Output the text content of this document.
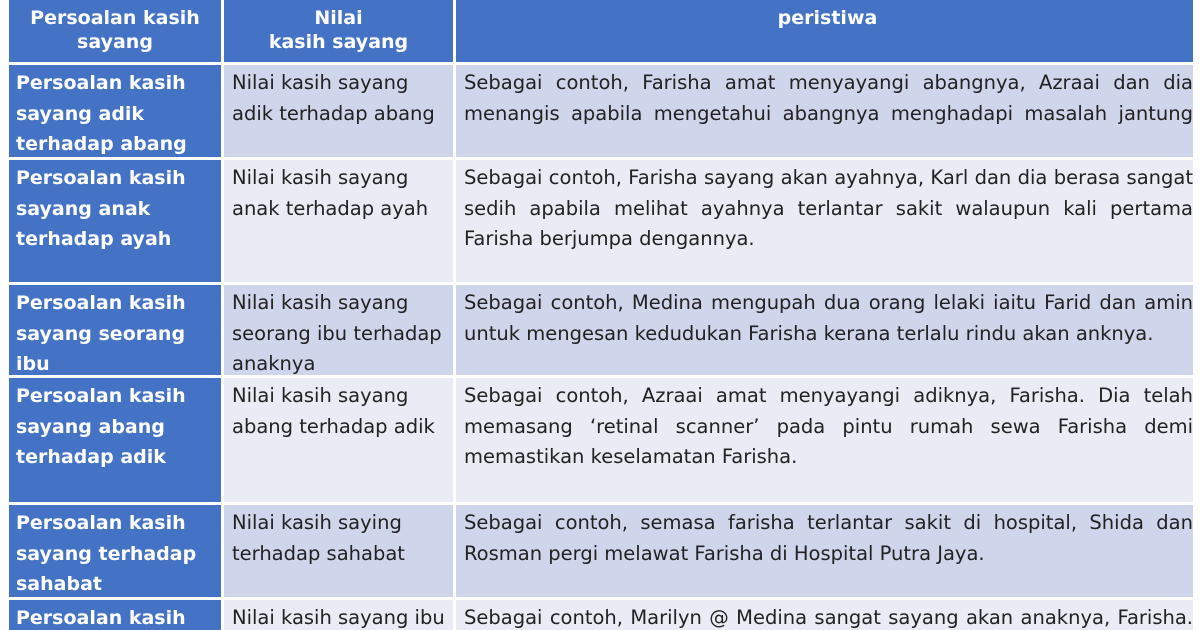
Persoalan kasih
sayang
Nilai
kasih sayang
peristiwa
Persoalan kasih
sayang adik
terhadap abang
Nilai kasih sayang
adik terhadap abang
Sebagai contoh, Farisha amat menyayangi abangnya, Azraai dan dia
menangis apabila mengetahui abangnya menghadapi masalah jantung
Persoalan kasih
sayang anak
terhadap ayah
Nilai kasih sayang
anak terhadap ayah
Sebagai contoh, Farisha sayang akan ayahnya, Karl dan dia berasa sangat
sedih apabila melihat ayahnya terlantar sakit walaupun kali pertama
Farisha berjumpa dengannya.
Persoalan kasih
sayang seorang ibu
Nilai kasih sayang
seorang ibu terhadap
anaknya
Sebagai contoh, Medina mengupah dua orang lelaki iaitu Farid dan amin
untuk mengesan kedudukan Farisha kerana terlalu rindu akan anknya.
Persoalan kasih
sayang abang
terhadap adik
Nilai kasih sayang
abang terhadap adik
Sebagai contoh, Azraai amat menyayangi adiknya, Farisha. Dia telah
memasang ‘retinal scanner’ pada pintu rumah sewa Farisha demi
memastikan keselamatan Farisha.
Persoalan kasih
sayang terhadap
sahabat
Nilai kasih saying
terhadap sahabat
Sebagai contoh, semasa farisha terlantar sakit di hospital, Shida dan
Rosman pergi melawat Farisha di Hospital Putra Jaya.
Persoalan kasih	Nilai kasih sayang ibu Sebagai contoh, Marilyn @ Medina sangat sayang akan anaknya, Farisha.
